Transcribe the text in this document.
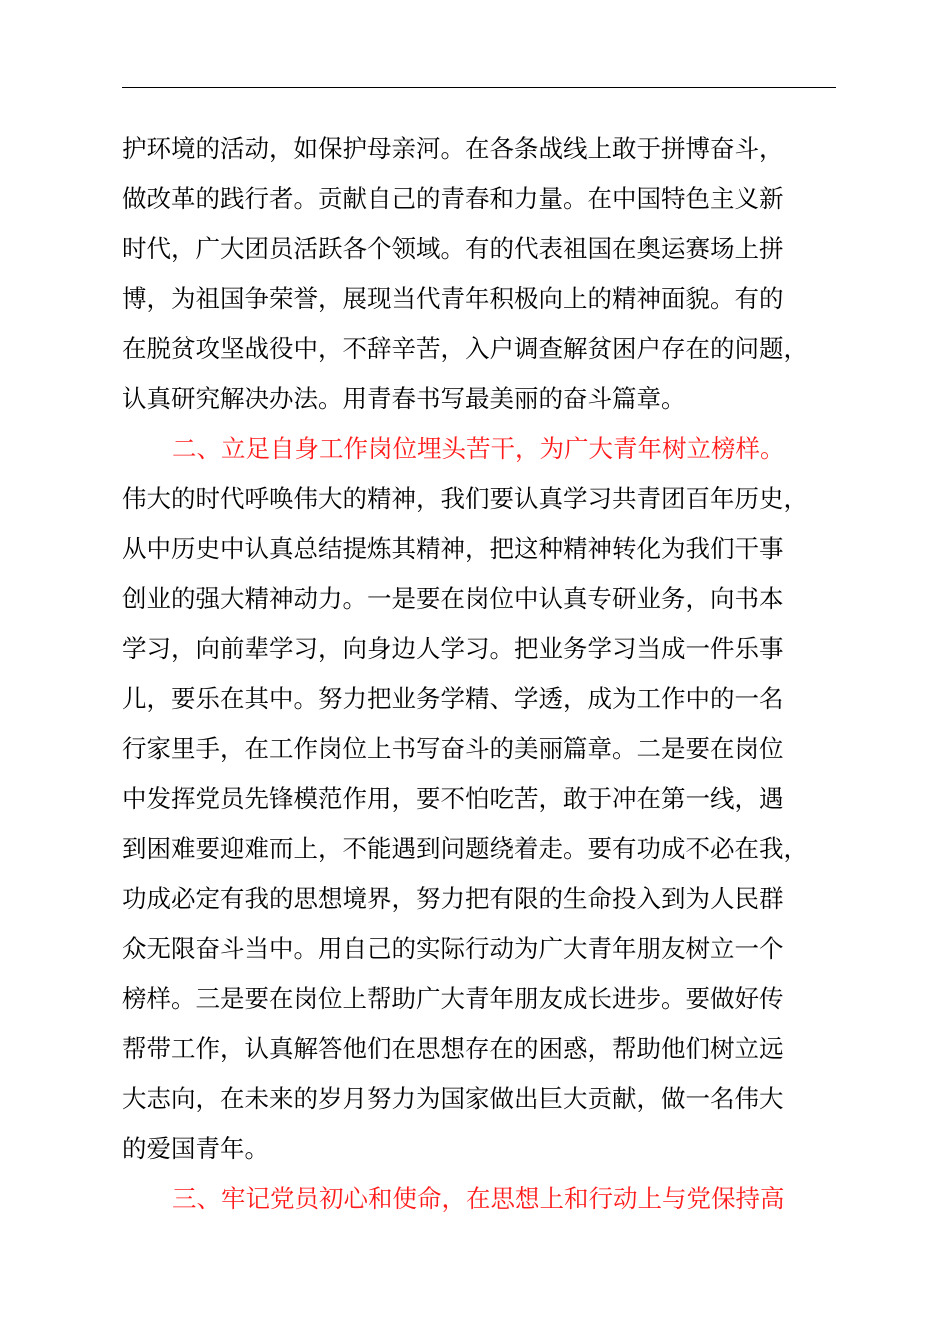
护环境的活动，如保护母亲河。在各条战线上敢于拼博奋斗，
做改革的践行者。贡献自己的青春和力量。在中国特色主义新
时代，广大团员活跃各个领域。有的代表祖国在奥运赛场上拼
博，为祖国争荣誉，展现当代青年积极向上的精神面貌。有的
在脱贫攻坚战役中，不辞辛苦，入户调查解贫困户存在的问题，
认真研究解决办法。用青春书写最美丽的奋斗篇章。
二、立足自身工作岗位埋头苦干，为广大青年树立榜样。
伟大的时代呼唤伟大的精神，我们要认真学习共青团百年历史，
从中历史中认真总结提炼其精神，把这种精神转化为我们干事
创业的强大精神动力。一是要在岗位中认真专研业务，向书本
学习，向前辈学习，向身边人学习。把业务学习当成一件乐事
儿，要乐在其中。努力把业务学精、学透，成为工作中的一名
行家里手，在工作岗位上书写奋斗的美丽篇章。二是要在岗位
中发挥党员先锋模范作用，要不怕吃苦，敢于冲在第一线，遇
到困难要迎难而上，不能遇到问题绕着走。要有功成不必在我，
功成必定有我的思想境界，努力把有限的生命投入到为人民群
众无限奋斗当中。用自己的实际行动为广大青年朋友树立一个
榜样。三是要在岗位上帮助广大青年朋友成长进步。要做好传
帮带工作，认真解答他们在思想存在的困惑，帮助他们树立远
大志向，在未来的岁月努力为国家做出巨大贡献，做一名伟大
的爱国青年。
三、牢记党员初心和使命，在思想上和行动上与党保持高
